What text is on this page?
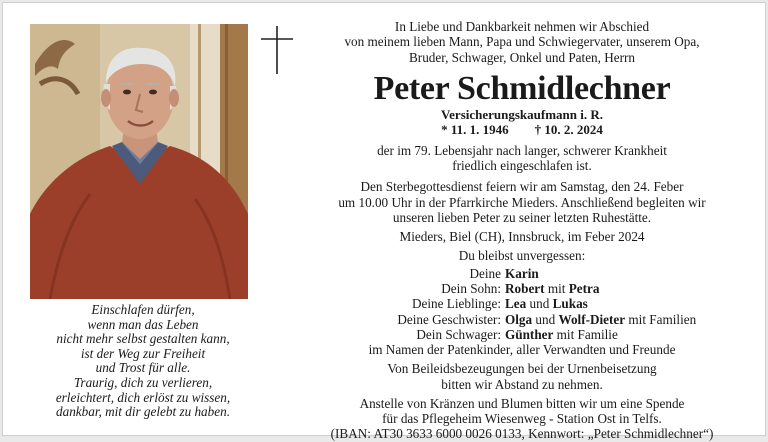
Einschlafen dürfen,
wenn man das Leben
nicht mehr selbst gestalten kann,
ist der Weg zur Freiheit
und Trost für alle.
Traurig, dich zu verlieren,
erleichtert, dich erlöst zu wissen,
dankbar, mit dir gelebt zu haben.
In Liebe und Dankbarkeit nehmen wir Abschied
von meinem lieben Mann, Papa und Schwiegervater, unserem Opa,
Bruder, Schwager, Onkel und Paten, Herrn
Peter Schmidlechner
Versicherungskaufmann i. R.
* 11. 1. 1946 † 10. 2. 2024
der im 79. Lebensjahr nach langer, schwerer Krankheit
friedlich eingeschlafen ist.
Den Sterbegottesdienst feiern wir am Samstag, den 24. Feber
um 10.00 Uhr in der Pfarrkirche Mieders. Anschließend begleiten wir
unseren lieben Peter zu seiner letzten Ruhestätte.
Mieders, Biel (CH), Innsbruck, im Feber 2024
Du bleibst unvergessen:
Deine Karin
Dein Sohn: Robert mit Petra
Deine Lieblinge: Lea und Lukas
Deine Geschwister: Olga und Wolf-Dieter mit Familien
Dein Schwager: Günther mit Familie
im Namen der Patenkinder, aller Verwandten und Freunde
Von Beileidsbezeugungen bei der Urnenbeisetzung
bitten wir Abstand zu nehmen.
Anstelle von Kränzen und Blumen bitten wir um eine Spende
für das Pflegeheim Wiesenweg - Station Ost in Telfs.
(IBAN: AT30 3633 6000 0026 0133, Kennwort: „Peter Schmidlechner“)
